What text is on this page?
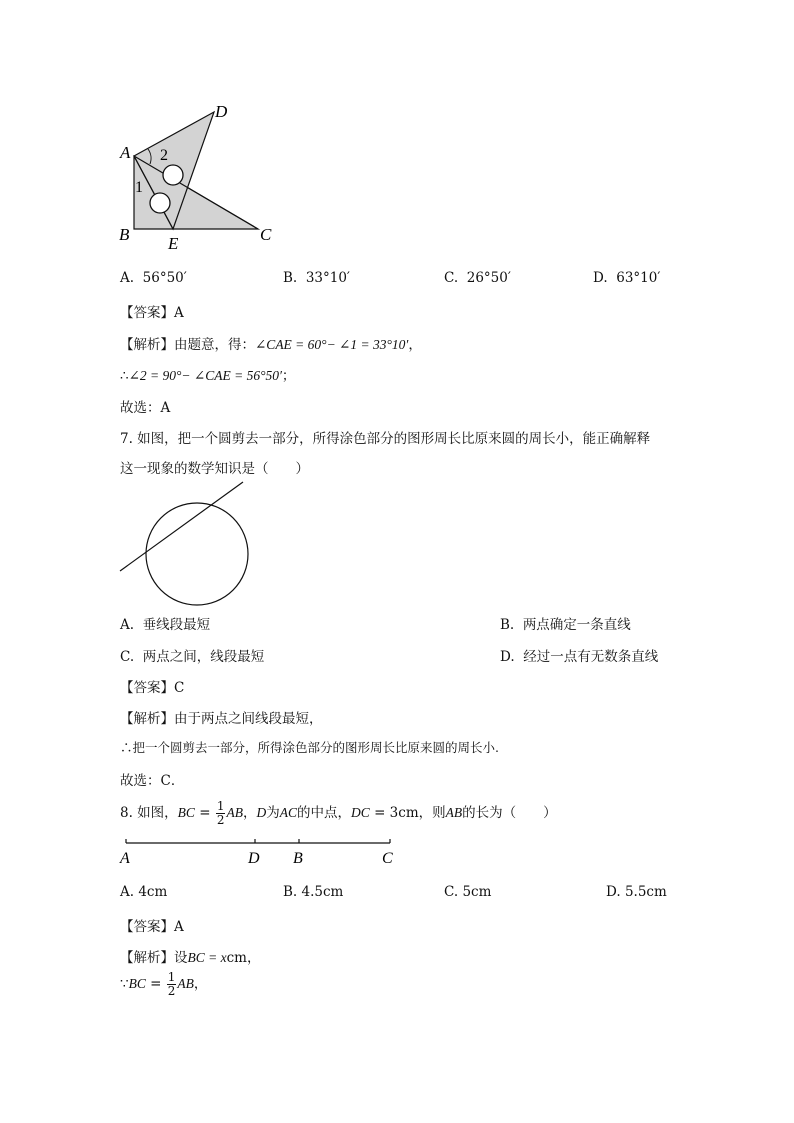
A
D
B E	C
2
1
A. 56°50′	B. 33°10′	C. 26°50′	D. 63°10′
【答案】A
【解析】由题意，得：∠CAE = 60°− ∠1 = 33°10′，
∴∠2 = 90°− ∠CAE = 56°50′；
故选：A
7. 如图，把一个圆剪去一部分，所得涂色部分的图形周长比原来圆的周长小，能正确解释
这一现象的数学知识是（　　）
A. 垂线段最短	B. 两点确定一条直线
C. 两点之间，线段最短	D. 经过一点有无数条直线
【答案】C
【解析】由于两点之间线段最短，
∴把一个圆剪去一部分，所得涂色部分的图形周长比原来圆的周长小.
故选：C．
8. 如图，BC = $\frac{1}{2}$ AB，D为AC的中点，DC = 3cm，则AB的长为（　　）
A	D B	C
A. 4cm	B. 4.5cm	C. 5cm	D. 5.5cm
【答案】A
【解析】设BC = xcm，
∵BC = $\frac{1}{2}$ AB，
